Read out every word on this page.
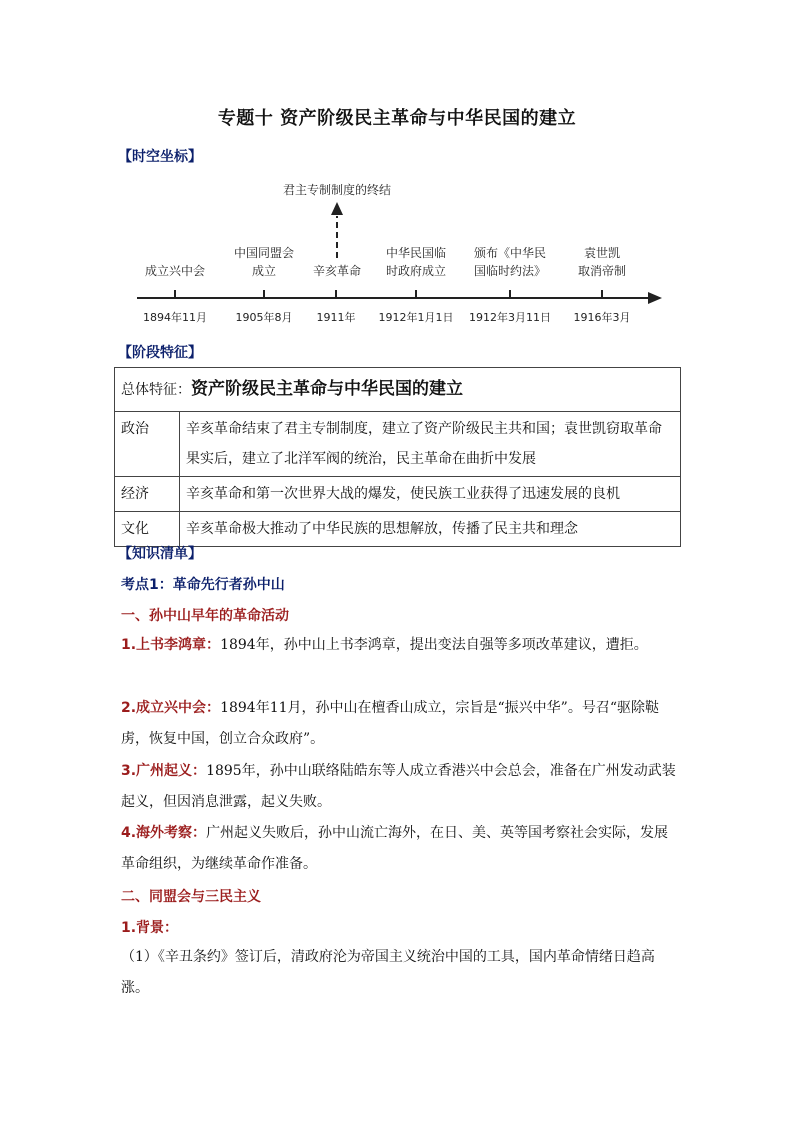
专题十 资产阶级民主革命与中华民国的建立
【时空坐标】
君主专制制度的终结
成立兴中会
中国同盟会
成立	辛亥革命
中华民国临
时政府成立
颁布《中华民
国临时约法》
袁世凯
取消帝制
1894年11月	1905年8月	1911年	1912年1月1日	1912年3月11日	1916年3月
【阶段特征】
总体特征：资产阶级民主革命与中华民国的建立	
政治	辛亥革命结束了君主专制制度，建立了资产阶级民主共和国；袁世凯窃取革命果实后，建立了北洋军阀的统治，民主革命在曲折中发展
经济	辛亥革命和第一次世界大战的爆发，使民族工业获得了迅速发展的良机
文化	辛亥革命极大推动了中华民族的思想解放，传播了民主共和理念
【知识清单】
考点1：革命先行者孙中山
一、孙中山早年的革命活动
1.上书李鸿章：1894年，孙中山上书李鸿章，提出变法自强等多项改革建议，遭拒。
2.成立兴中会：1894年11月，孙中山在檀香山成立，宗旨是“振兴中华”。号召“驱除鞑虏，恢复中国，创立合众政府”。
3.广州起义：1895年，孙中山联络陆皓东等人成立香港兴中会总会，准备在广州发动武装起义，但因消息泄露，起义失败。
4.海外考察：广州起义失败后，孙中山流亡海外，在日、美、英等国考察社会实际，发展革命组织，为继续革命作准备。
二、同盟会与三民主义
1.背景：
（1）《辛丑条约》签订后，清政府沦为帝国主义统治中国的工具，国内革命情绪日趋高涨。
